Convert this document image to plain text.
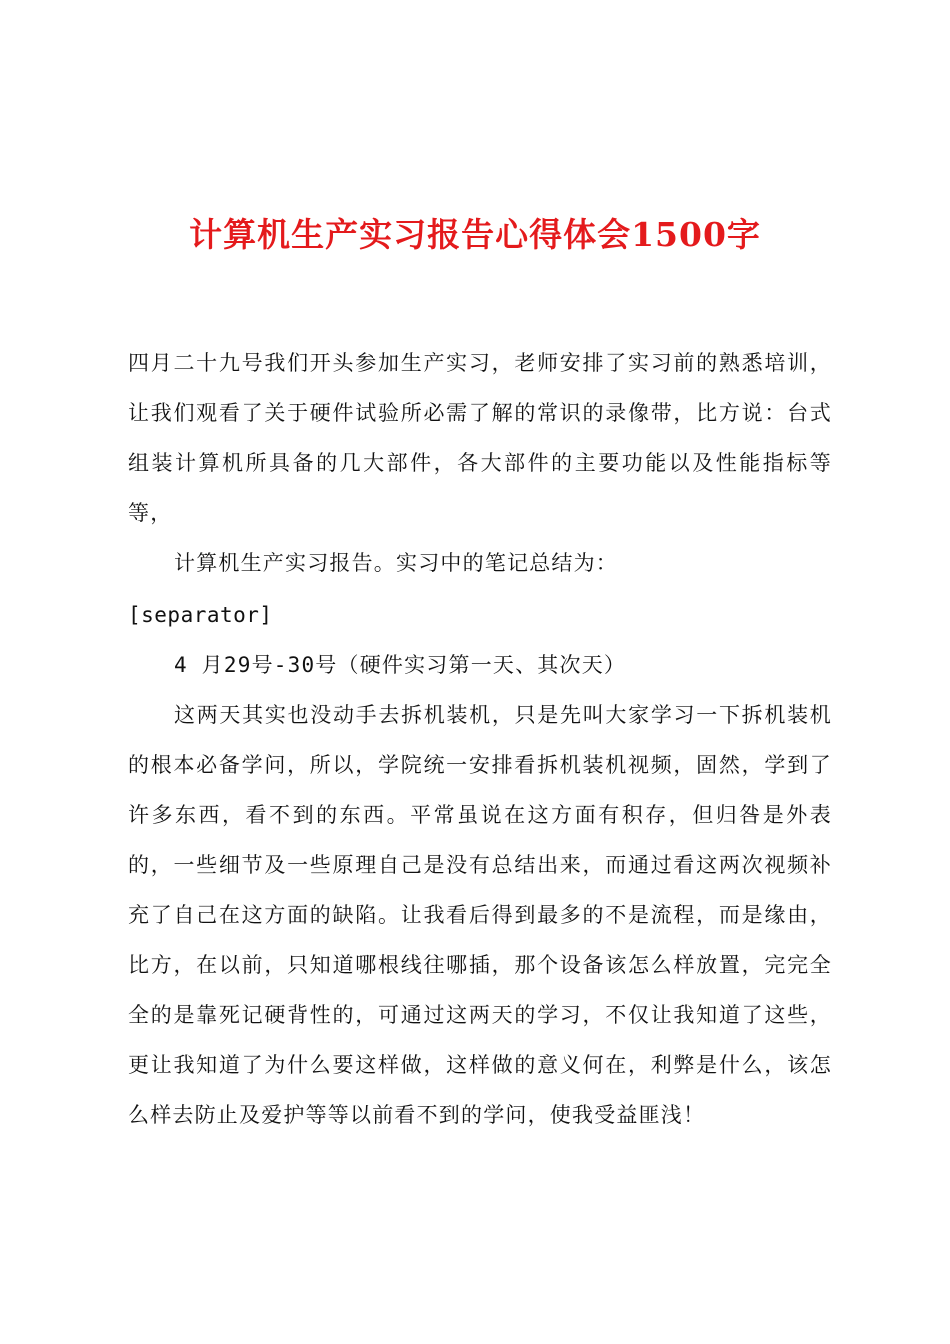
计算机生产实习报告心得体会1500字
四月二十九号我们开头参加生产实习，老师安排了实习前的熟悉培训，让我们观看了关于硬件试验所必需了解的常识的录像带，比方说：台式组装计算机所具备的几大部件，各大部件的主要功能以及性能指标等等，
计算机生产实习报告。实习中的笔记总结为：
[separator]
4 月29号-30号（硬件实习第一天、其次天）
这两天其实也没动手去拆机装机，只是先叫大家学习一下拆机装机的根本必备学问，所以，学院统一安排看拆机装机视频，固然，学到了许多东西，看不到的东西。平常虽说在这方面有积存，但归咎是外表的，一些细节及一些原理自己是没有总结出来，而通过看这两次视频补充了自己在这方面的缺陷。让我看后得到最多的不是流程，而是缘由，比方，在以前，只知道哪根线往哪插，那个设备该怎么样放置，完完全全的是靠死记硬背性的，可通过这两天的学习，不仅让我知道了这些，更让我知道了为什么要这样做，这样做的意义何在，利弊是什么，该怎么样去防止及爱护等等以前看不到的学问，使我受益匪浅！
